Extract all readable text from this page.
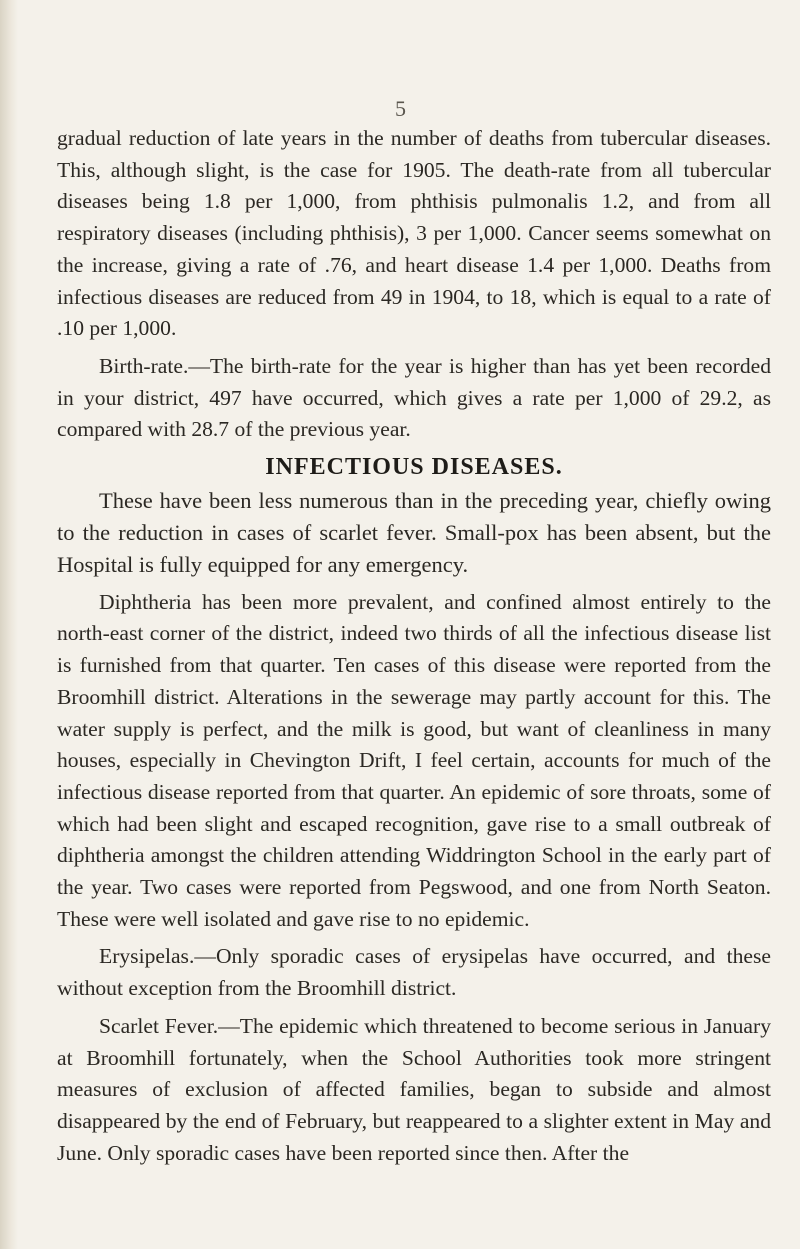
5

gradual reduction of late years in the number of deaths from tubercular diseases. This, although slight, is the case for 1905. The death-rate from all tubercular diseases being 1.8 per 1,000, from phthisis pulmonalis 1.2, and from all respiratory diseases (including phthisis), 3 per 1,000. Cancer seems somewhat on the increase, giving a rate of .76, and heart disease 1.4 per 1,000. Deaths from infectious diseases are reduced from 49 in 1904, to 18, which is equal to a rate of .10 per 1,000.

Birth-rate.—The birth-rate for the year is higher than has yet been recorded in your district, 497 have occurred, which gives a rate per 1,000 of 29.2, as compared with 28.7 of the previous year.

INFECTIOUS DISEASES.

These have been less numerous than in the preceding year, chiefly owing to the reduction in cases of scarlet fever. Small-pox has been absent, but the Hospital is fully equipped for any emergency.

Diphtheria has been more prevalent, and confined almost entirely to the north-east corner of the district, indeed two thirds of all the infectious disease list is furnished from that quarter. Ten cases of this disease were reported from the Broomhill district. Alterations in the sewerage may partly account for this. The water supply is perfect, and the milk is good, but want of cleanliness in many houses, especially in Chevington Drift, I feel certain, accounts for much of the infectious disease reported from that quarter. An epidemic of sore throats, some of which had been slight and escaped recognition, gave rise to a small outbreak of diphtheria amongst the children attending Widdrington School in the early part of the year. Two cases were reported from Pegswood, and one from North Seaton. These were well isolated and gave rise to no epidemic.

Erysipelas.—Only sporadic cases of erysipelas have occurred, and these without exception from the Broomhill district.

Scarlet Fever.—The epidemic which threatened to become serious in January at Broomhill fortunately, when the School Authorities took more stringent measures of exclusion of affected families, began to subside and almost disappeared by the end of February, but reappeared to a slighter extent in May and June. Only sporadic cases have been reported since then. After the
